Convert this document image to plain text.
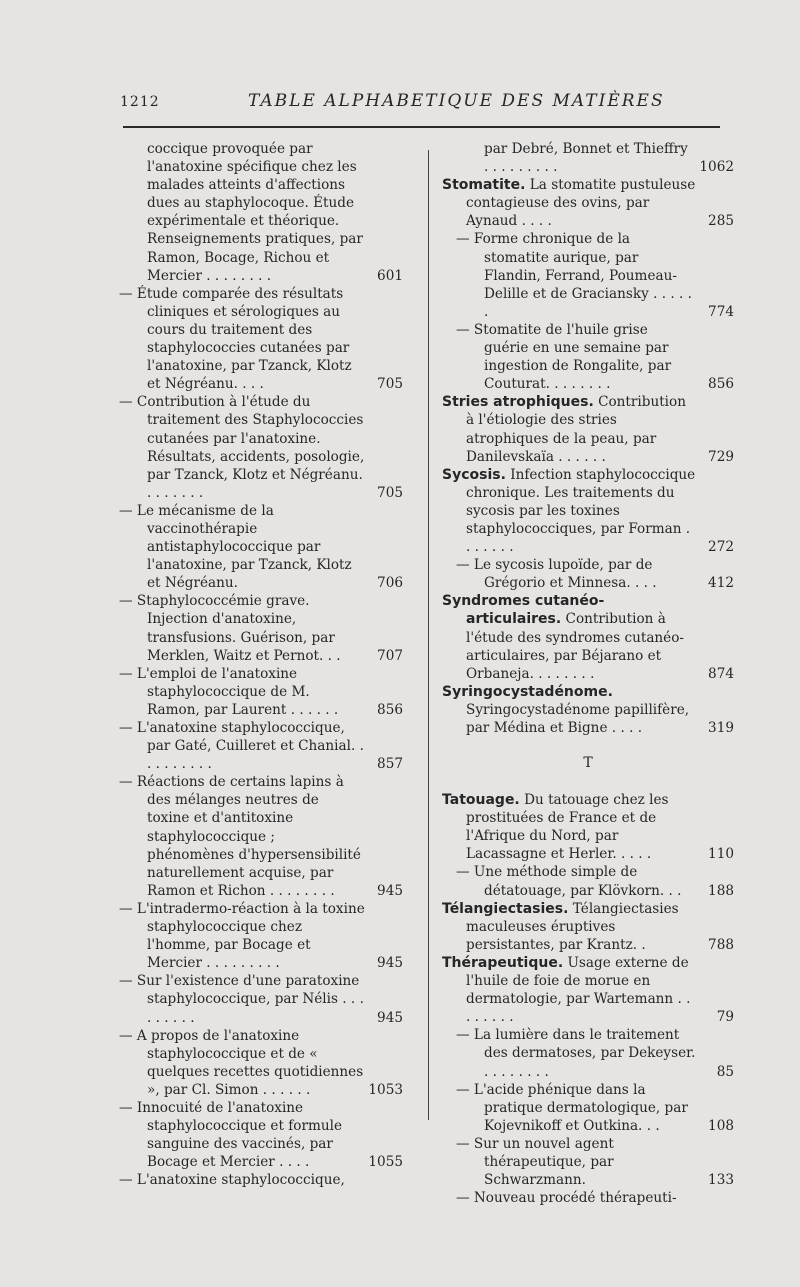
1212	TABLE ALPHABETIQUE DES MATIÈRES
coccique provoquée par l'anatoxine spécifique chez les malades atteints d'affections dues au staphylocoque. Étude expérimentale et théorique. Renseignements pratiques, par Ramon, Bocage, Richou et Mercier . . . . . . . .	601
— Étude comparée des résultats cliniques et sérologiques au cours du traitement des staphylococcies cutanées par l'anatoxine, par Tzanck, Klotz et Négréanu. . . .	705
— Contribution à l'étude du traitement des Staphylococcies cutanées par l'anatoxine. Résultats, accidents, posologie, par Tzanck, Klotz et Négréanu. . . . . . . .	705
— Le mécanisme de la vaccinothérapie antistaphylococcique par l'anatoxine, par Tzanck, Klotz et Négréanu.	706
— Staphylococcémie grave. Injection d'anatoxine, transfusions. Guérison, par Merklen, Waitz et Pernot. . .	707
— L'emploi de l'anatoxine staphylococcique de M. Ramon, par Laurent . . . . . .	856
— L'anatoxine staphylococcique, par Gaté, Cuilleret et Chanial. . . . . . . . . .	857
— Réactions de certains lapins à des mélanges neutres de toxine et d'antitoxine staphylococcique ; phénomènes d'hypersensibilité naturellement acquise, par Ramon et Richon . . . . . . . .	945
— L'intradermo-réaction à la toxine staphylococcique chez l'homme, par Bocage et Mercier . . . . . . . . .	945
— Sur l'existence d'une paratoxine staphylococcique, par Nélis . . . . . . . . .	945
— A propos de l'anatoxine staphylococcique et de « quelques recettes quotidiennes », par Cl. Simon . . . . . .	1053
— Innocuité de l'anatoxine staphylococcique et formule sanguine des vaccinés, par Bocage et Mercier . . . .	1055
— L'anatoxine staphylococcique,
par Debré, Bonnet et Thieffry . . . . . . . . .	1062
Stomatite. La stomatite pustuleuse contagieuse des ovins, par Aynaud . . . .	285
— Forme chronique de la stomatite aurique, par Flandin, Ferrand, Poumeau-Delille et de Graciansky . . . . . .	774
— Stomatite de l'huile grise guérie en une semaine par ingestion de Rongalite, par Couturat. . . . . . . .	856
Stries atrophiques. Contribution à l'étiologie des stries atrophiques de la peau, par Danilevskaïa . . . . . .	729
Sycosis. Infection staphylococcique chronique. Les traitements du sycosis par les toxines staphylococciques, par Forman . . . . . . .	272
— Le sycosis lupoïde, par de Grégorio et Minnesa. . . .	412
Syndromes cutanéo-articulaires. Contribution à l'étude des syndromes cutanéo-articulaires, par Béjarano et Orbaneja. . . . . . . .	874
Syringocystadénome. Syringocystadénome papillifère, par Médina et Bigne . . . .	319
T
Tatouage. Du tatouage chez les prostituées de France et de l'Afrique du Nord, par Lacassagne et Herler. . . . .	110
— Une méthode simple de détatouage, par Klövkorn. . . 188
Télangiectasies. Télangiectasies maculeuses éruptives persistantes, par Krantz. .	788
Thérapeutique. Usage externe de l'huile de foie de morue en dermatologie, par Wartemann . . . . . . . .	79
— La lumière dans le traitement des dermatoses, par Dekeyser. . . . . . . . .	85
— L'acide phénique dans la pratique dermatologique, par Kojevnikoff et Outkina. . .	108
— Sur un nouvel agent thérapeutique, par Schwarzmann.	133
— Nouveau procédé thérapeuti-
